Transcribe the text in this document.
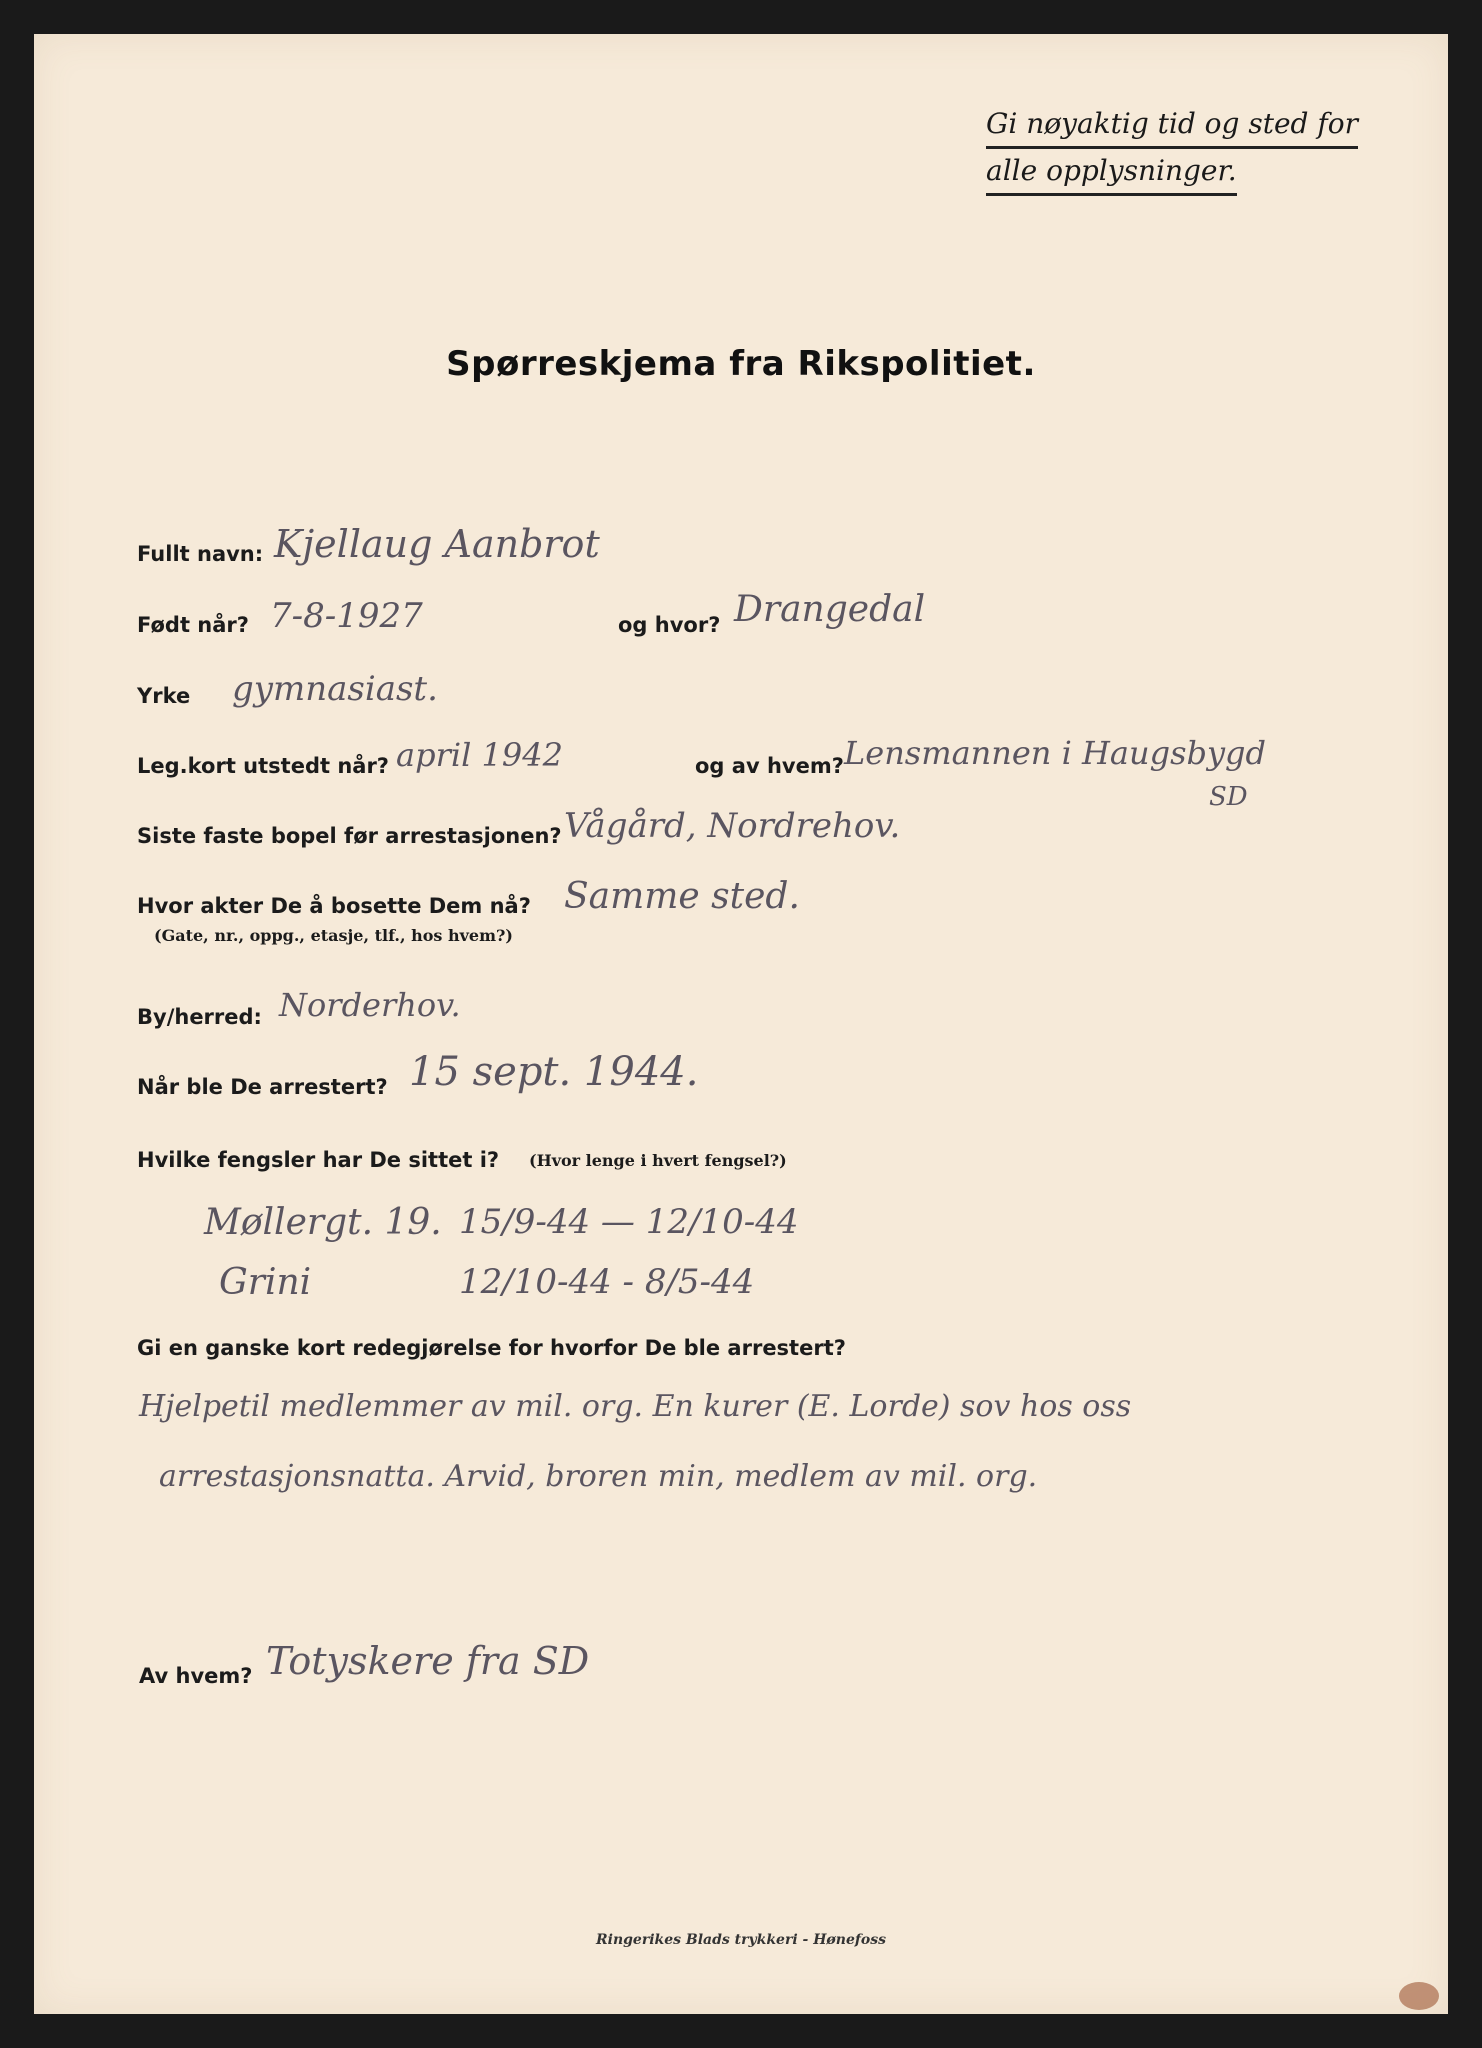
Gi nøyaktig tid og sted for
alle opplysninger.
Spørreskjema fra Rikspolitiet.
Fullt navn: Kjellaug Aanbrot
Født når? 7-8-1927	og hvor? Drangedal
Yrke gymnasiast.
Leg.kort utstedt når? april 1942	og av hvem? Lensmannen i Haugsbygd
SD
Siste faste bopel før arrestasjonen? Vågård, Nordrehov.
Hvor akter De å bosette Dem nå?
(Gate, nr., oppg., etasje, tlf., hos hvem?)
Samme sted.
By/herred: Norderhov.
Når ble De arrestert? 15 sept. 1944.
Hvilke fengsler har De sittet i? (Hvor lenge i hvert fengsel?)
Møllergt. 19. 15/9-44 — 12/10-44
Grini	12/10-44 - 8/5-44
Gi en ganske kort redegjørelse for hvorfor De ble arrestert?
Hjelpetil medlemmer av mil. org. En kurer (E. Lorde) sov hos oss
arrestasjonsnatta. Arvid, broren min, medlem av mil. org.
Av hvem? Totyskere fra SD
Ringerikes Blads trykkeri - Hønefoss
